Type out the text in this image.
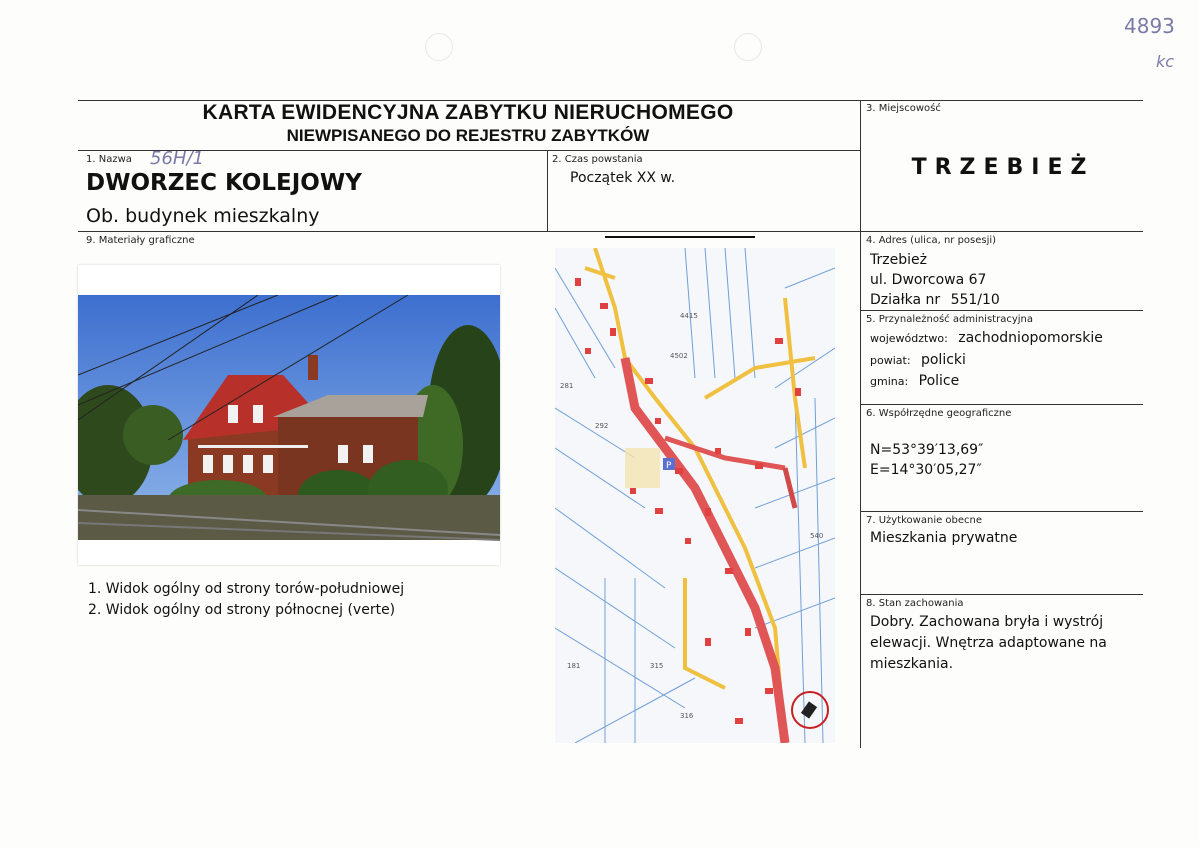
4893
kc
KARTA EWIDENCYJNA ZABYTKU NIERUCHOMEGO
NIEWPISANEGO DO REJESTRU ZABYTKÓW
1. Nazwa 56H/1
DWORZEC KOLEJOWY
Ob. budynek mieszkalny
2. Czas powstania
Początek XX w.
3. Miejscowość
TRZEBIEŻ
4. Adres (ulica, nr posesji)
Trzebież
ul. Dworcowa 67
Działka nr 551/10
5. Przynależność administracyjna
województwo: zachodniopomorskie
powiat: policki
gmina: Police
6. Współrzędne geograficzne
N=53°39′13,69″
E=14°30′05,27″
7. Użytkowanie obecne
Mieszkania prywatne
8. Stan zachowania
Dobry. Zachowana bryła i wystrój
elewacji. Wnętrza adaptowane na
mieszkania.
9. Materiały graficzne
1. Widok ogólny od strony torów-południowej
2. Widok ogólny od strony północnej (verte)
P
4415
4502
292
281
315
316
540
181
